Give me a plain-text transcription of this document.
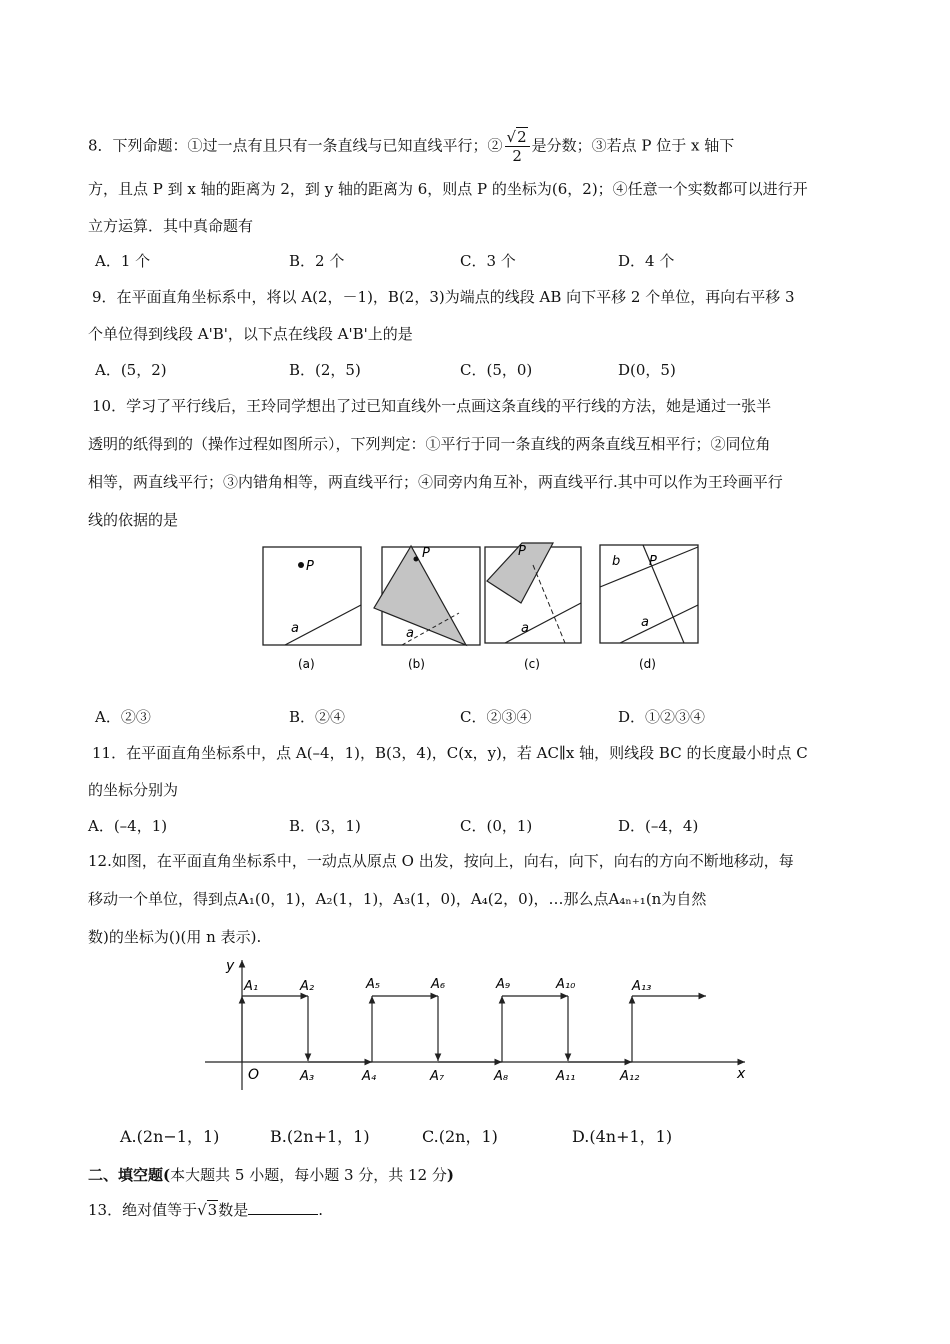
8．下列命题：①过一点有且只有一条直线与已知直线平行；② $\frac{√2}{2}$ 是分数；③若点 P 位于 x 轴下
方，且点 P 到 x 轴的距离为 2，到 y 轴的距离为 6，则点 P 的坐标为(6，2)；④任意一个实数都可以进行开
立方运算．其中真命题有
A．1 个	B．2 个	C．3 个	D．4 个
9．在平面直角坐标系中，将以 A(2，－1)，B(2，3)为端点的线段 AB 向下平移 2 个单位，再向右平移 3
个单位得到线段 A'B'，以下点在线段 A'B'上的是
A．(5，2)	B．(2，5)	C．(5，0)	D(0，5)
10．学习了平行线后，王玲同学想出了过已知直线外一点画这条直线的平行线的方法，她是通过一张半
透明的纸得到的（操作过程如图所示），下列判定：①平行于同一条直线的两条直线互相平行；②同位角
相等，两直线平行；③内错角相等，两直线平行；④同旁内角互补，两直线平行.其中可以作为王玲画平行
线的依据的是
P
a
(a)
P
a
(b)
P
a
(c)
b P
a
(d)
A．②③	B．②④	C．②③④	D．①②③④
11．在平面直角坐标系中，点 A(–4，1)，B(3，4)，C(x，y)，若 AC∥x 轴，则线段 BC 的长度最小时点 C
的坐标分别为
A．(–4，1)	B．(3，1)	C．(0，1)	D．(–4，4)
12.如图，在平面直角坐标系中，一动点从原点 O 出发，按向上，向右，向下，向右的方向不断地移动，每
移动一个单位，得到点A₁(0，1)，A₂(1，1)，A₃(1，0)，A₄(2，0)，…那么点A₄ₙ₊₁(n为自然
数)的坐标为()(用 n 表示).
y
x
O
A₁	A₂	A₅	A₆	A₉	A₁₀	A₁₃
A₃	A₄	A₇	A₈	A₁₁	A₁₂
A.(2n−1，1)	B.(2n+1，1)	C.(2n，1)	D.(4n+1，1)
二、填空题(本大题共 5 小题，每小题 3 分，共 12 分)
13．绝对值等于√3数是	.
